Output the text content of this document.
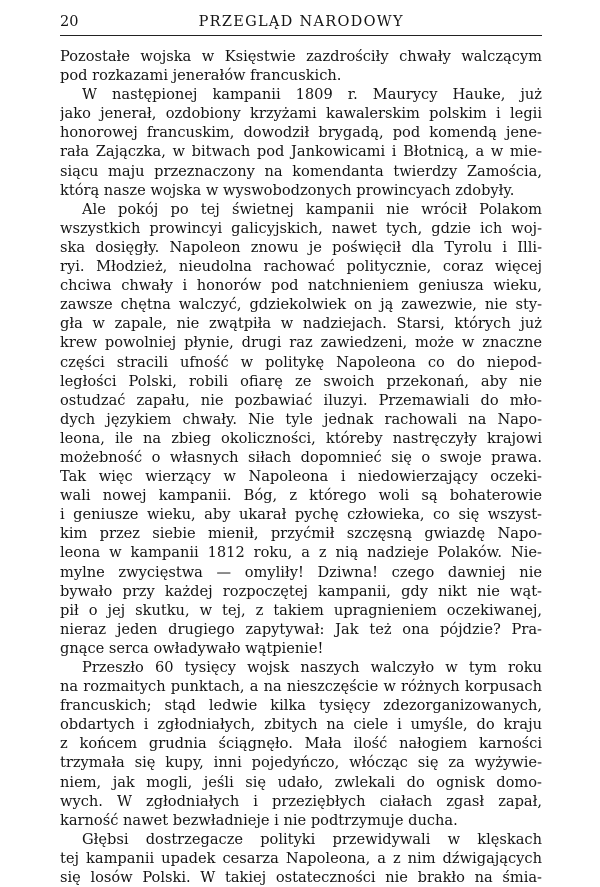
20	PRZEGLĄD NARODOWY
Pozostałe wojska w Księstwie zazdrościły chwały walczącym
pod rozkazami jenerałów francuskich.
W następionej kampanii 1809 r. Maurycy Hauke, już
jako jenerał, ozdobiony krzyżami kawalerskim polskim i legii
honorowej francuskim, dowodził brygadą, pod komendą jene-
rała Zajączka, w bitwach pod Jankowicami i Błotnicą, a w mie-
siącu maju przeznaczony na komendanta twierdzy Zamościa,
którą nasze wojska w wyswobodzonych prowincyach zdobyły.
Ale pokój po tej świetnej kampanii nie wrócił Polakom
wszystkich prowincyi galicyjskich, nawet tych, gdzie ich woj-
ska dosięgły. Napoleon znowu je poświęcił dla Tyrolu i Illi-
ryi. Młodzież, nieudolna rachować politycznie, coraz więcej
chciwa chwały i honorów pod natchnieniem geniusza wieku,
zawsze chętna walczyć, gdziekolwiek on ją zawezwie, nie sty-
gła w zapale, nie zwątpiła w nadziejach. Starsi, których już
krew powolniej płynie, drugi raz zawiedzeni, może w znaczne
części stracili ufność w politykę Napoleona co do niepod-
ległości Polski, robili ofiarę ze swoich przekonań, aby nie
ostudzać zapału, nie pozbawiać iluzyi. Przemawiali do mło-
dych językiem chwały. Nie tyle jednak rachowali na Napo-
leona, ile na zbieg okoliczności, któreby nastręczyły krajowi
możebność o własnych siłach dopomnieć się o swoje prawa.
Tak więc wierzący w Napoleona i niedowierzający oczeki-
wali nowej kampanii. Bóg, z którego woli są bohaterowie
i geniusze wieku, aby ukarał pychę człowieka, co się wszyst-
kim przez siebie mienił, przyćmił szczęsną gwiazdę Napo-
leona w kampanii 1812 roku, a z nią nadzieje Polaków. Nie-
mylne zwycięstwa — omyliły! Dziwna! czego dawniej nie
bywało przy każdej rozpoczętej kampanii, gdy nikt nie wąt-
pił o jej skutku, w tej, z takiem upragnieniem oczekiwanej,
nieraz jeden drugiego zapytywał: Jak też ona pójdzie? Pra-
gnące serca owładywało wątpienie!
Przeszło 60 tysięcy wojsk naszych walczyło w tym roku
na rozmaitych punktach, a na nieszczęście w różnych korpusach
francuskich; stąd ledwie kilka tysięcy zdezorganizowanych,
obdartych i zgłodniałych, zbitych na ciele i umyśle, do kraju
z końcem grudnia ściągnęło. Mała ilość nałogiem karności
trzymała się kupy, inni pojedyńczo, włócząc się za wyżywie-
niem, jak mogli, jeśli się udało, zwlekali do ognisk domo-
wych. W zgłodniałych i przeziębłych ciałach zgasł zapał,
karność nawet bezwładnieje i nie podtrzymuje ducha.
Głębsi dostrzegacze polityki przewidywali w klęskach
tej kampanii upadek cesarza Napoleona, a z nim dźwigających
się losów Polski. W takiej ostateczności nie brakło na śmia-
